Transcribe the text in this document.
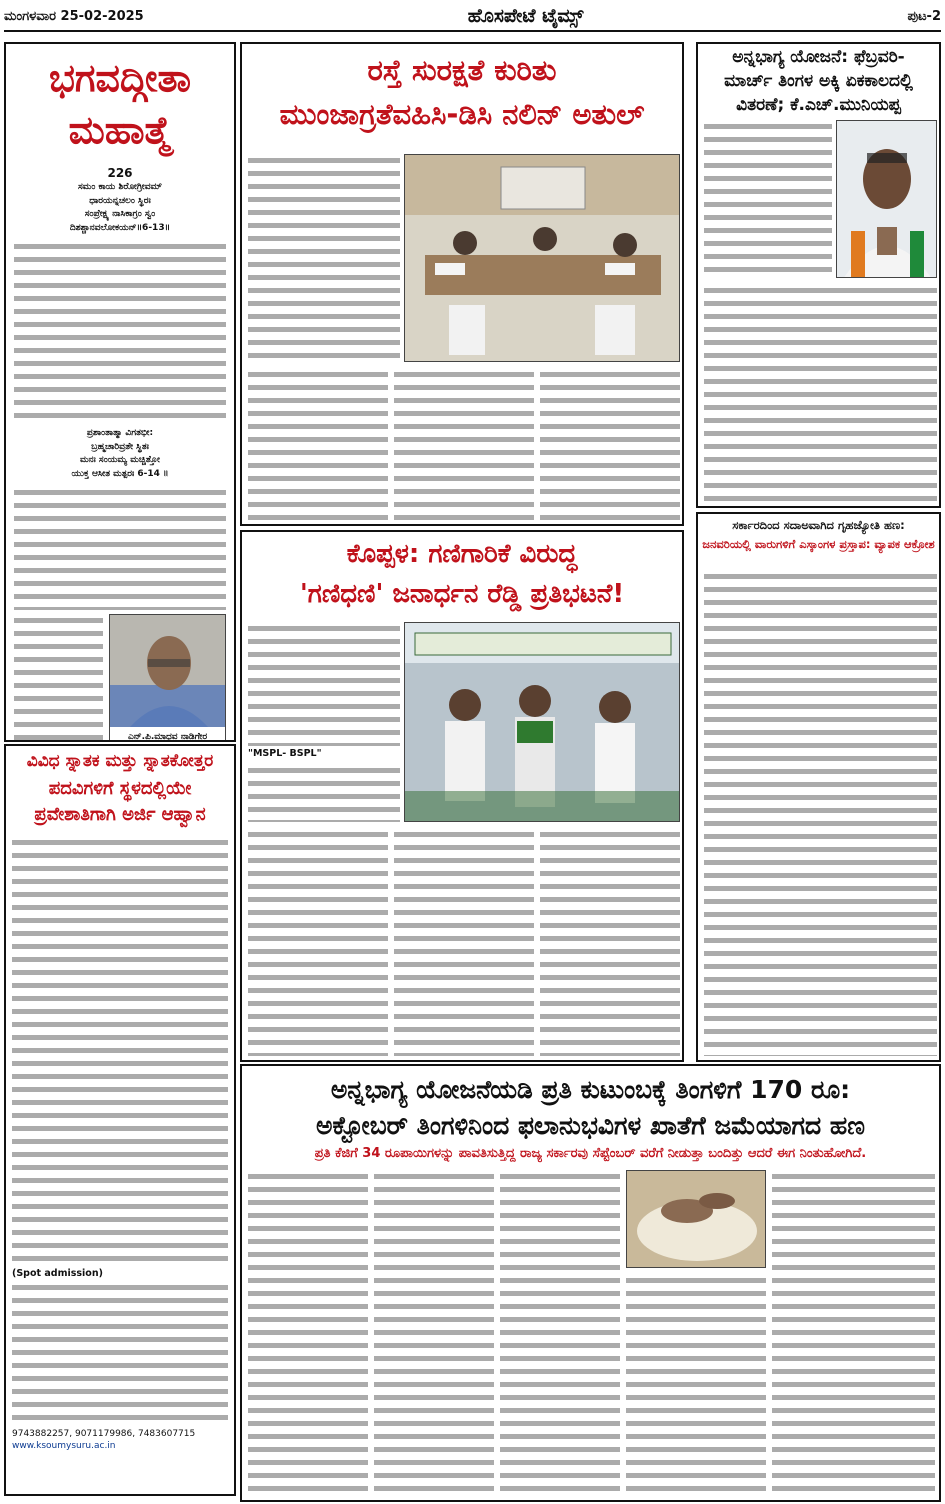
ಮಂಗಳವಾರ 25-02-2025	ಹೊಸಪೇಟೆ ಟೈಮ್ಸ್	ಪುಟ-2
ಭಗವದ್ಗೀತಾ
ಮಹಾತ್ಮೆ
226
ಸಮಂ ಕಾಯ ಶಿರೋಗ್ರೀವಮ್
ಧಾರಯನ್ನಚಲಂ ಸ್ಥಿರಃ
ಸಂಪ್ರೇಕ್ಷ್ಯ ನಾಸಿಕಾಗ್ರಂ ಸ್ವಂ
ದಿಶಶ್ಚಾನವಲೋಕಯನ್॥6-13॥
ಪ್ರಶಾಂತಾತ್ಮಾ ವಿಗತಭೀ:
ಬ್ರಹ್ಮಚಾರಿವ್ರತೇ ಸ್ಥಿತಃ
ಮನಃ ಸಂಯಮ್ಯ ಮಚ್ಚಿತ್ತೋ
ಯುಕ್ತ ಆಸೀತ ಮತ್ಪರಃ 6-14 ॥
ಎನ್.ಪಿ.ಮಾಧವ ನಾಡಿಗೇರ
ವಿವಿಧ ಸ್ನಾತಕ ಮತ್ತು ಸ್ನಾತಕೋತ್ತರ
ಪದವಿಗಳಿಗೆ ಸ್ಥಳದಲ್ಲಿಯೇ
ಪ್ರವೇಶಾತಿಗಾಗಿ ಅರ್ಜಿ ಆಹ್ವಾನ
(Spot admission)
9743882257, 9071179986, 7483607715
www.ksoumysuru.ac.in
ರಸ್ತೆ ಸುರಕ್ಷತೆ ಕುರಿತು
ಮುಂಜಾಗ್ರತೆವಹಿಸಿ-ಡಿಸಿ ನಲಿನ್ ಅತುಲ್
ಕೊಪ್ಪಳ: ಗಣಿಗಾರಿಕೆ ವಿರುದ್ಧ
'ಗಣಿಧಣಿ' ಜನಾರ್ಧನ ರೆಡ್ಡಿ ಪ್ರತಿಭಟನೆ!
"MSPL- BSPL"
ಅನ್ನಭಾಗ್ಯ ಯೋಜನೆ: ಫೆಬ್ರವರಿ-
ಮಾರ್ಚ್ ತಿಂಗಳ ಅಕ್ಕಿ ಏಕಕಾಲದಲ್ಲಿ
ವಿತರಣೆ; ಕೆ.ಎಚ್.ಮುನಿಯಪ್ಪ
ಸರ್ಕಾರದಿಂದ ಸದಾಅವಾಗಿದ ಗೃಹಜ್ಯೋತಿ ಹಣ:
ಜನವರಿಯಲ್ಲಿ ವಾರುಗಳಿಗೆ ಎಸ್ಕಾಂಗಳ ಪ್ರಸ್ತಾಪ: ವ್ಯಾಪಕ ಆಕ್ರೋಶ
ಅನ್ನಭಾಗ್ಯ ಯೋಜನೆಯಡಿ ಪ್ರತಿ ಕುಟುಂಬಕ್ಕೆ ತಿಂಗಳಿಗೆ 170 ರೂ:
ಅಕ್ಟೋಬರ್ ತಿಂಗಳಿನಿಂದ ಫಲಾನುಭವಿಗಳ ಖಾತೆಗೆ ಜಮೆಯಾಗದ ಹಣ
ಪ್ರತಿ ಕೆಜಿಗೆ 34 ರೂಪಾಯಿಗಳನ್ನು ಪಾವತಿಸುತ್ತಿದ್ದ ರಾಜ್ಯ ಸರ್ಕಾರವು ಸೆಪ್ಟೆಂಬರ್ ವರೆಗೆ ನೀಡುತ್ತಾ ಬಂದಿತ್ತು ಆದರೆ ಈಗ ನಿಂತುಹೋಗಿದೆ.
